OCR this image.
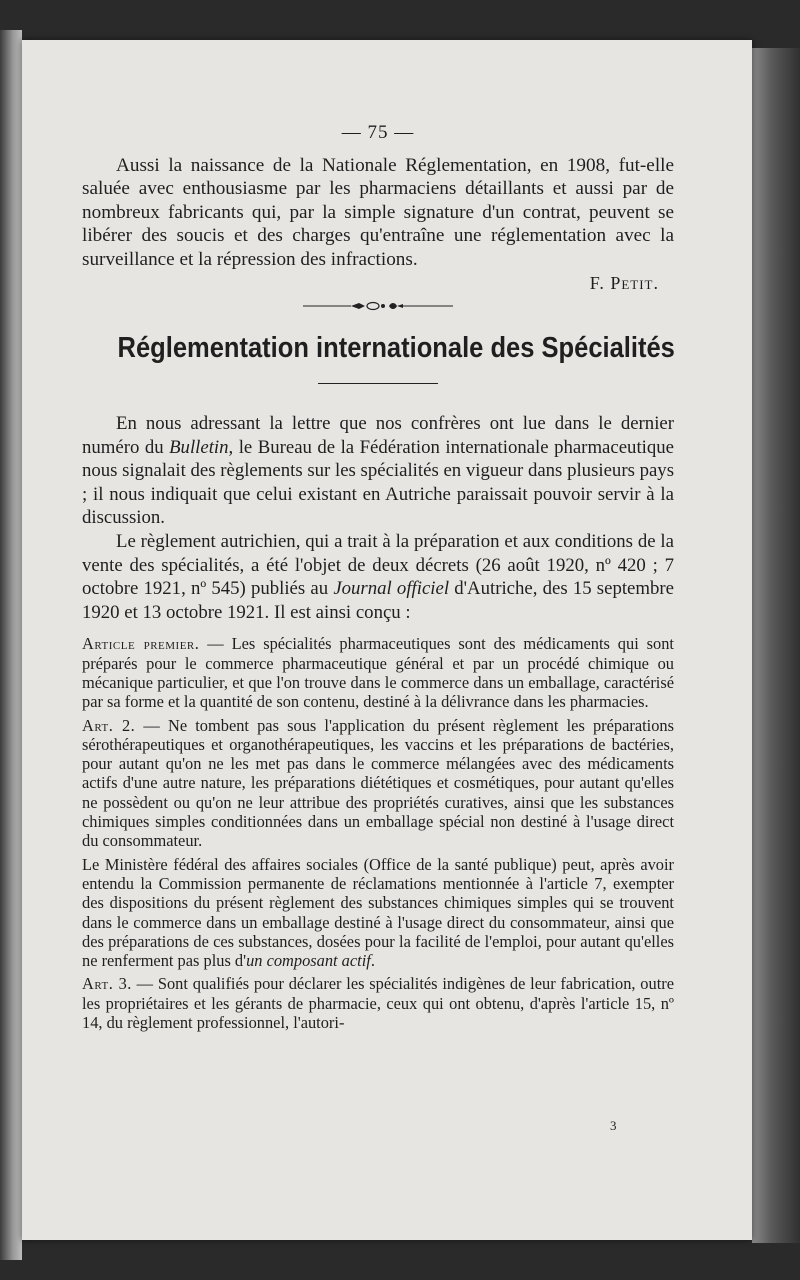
— 75 —

Aussi la naissance de la Nationale Réglementation, en 1908, fut-elle saluée avec enthousiasme par les pharmaciens détaillants et aussi par de nombreux fabricants qui, par la simple signature d'un contrat, peuvent se libérer des soucis et des charges qu'entraîne une réglementation avec la surveillance et la répression des infractions.

F. Petit.
Réglementation internationale des Spécialités

En nous adressant la lettre que nos confrères ont lue dans le dernier numéro du Bulletin, le Bureau de la Fédération internationale pharmaceutique nous signalait des règlements sur les spécialités en vigueur dans plusieurs pays ; il nous indiquait que celui existant en Autriche paraissait pouvoir servir à la discussion.

Le règlement autrichien, qui a trait à la préparation et aux conditions de la vente des spécialités, a été l'objet de deux décrets (26 août 1920, nº 420 ; 7 octobre 1921, nº 545) publiés au Journal officiel d'Autriche, des 15 septembre 1920 et 13 octobre 1921. Il est ainsi conçu :

Article premier. — Les spécialités pharmaceutiques sont des médicaments qui sont préparés pour le commerce pharmaceutique général et par un procédé chimique ou mécanique particulier, et que l'on trouve dans le commerce dans un emballage, caractérisé par sa forme et la quantité de son contenu, destiné à la délivrance dans les pharmacies.

Art. 2. — Ne tombent pas sous l'application du présent règlement les préparations sérothérapeutiques et organothérapeutiques, les vaccins et les préparations de bactéries, pour autant qu'on ne les met pas dans le commerce mélangées avec des médicaments actifs d'une autre nature, les préparations diététiques et cosmétiques, pour autant qu'elles ne possèdent ou qu'on ne leur attribue des propriétés curatives, ainsi que les substances chimiques simples conditionnées dans un emballage spécial non destiné à l'usage direct du consommateur.

Le Ministère fédéral des affaires sociales (Office de la santé publique) peut, après avoir entendu la Commission permanente de réclamations mentionnée à l'article 7, exempter des dispositions du présent règlement des substances chimiques simples qui se trouvent dans le commerce dans un emballage destiné à l'usage direct du consommateur, ainsi que des préparations de ces substances, dosées pour la facilité de l'emploi, pour autant qu'elles ne renferment pas plus d'un composant actif.

Art. 3. — Sont qualifiés pour déclarer les spécialités indigènes de leur fabrication, outre les propriétaires et les gérants de pharmacie, ceux qui ont obtenu, d'après l'article 15, nº 14, du règlement professionnel, l'autori-

3
